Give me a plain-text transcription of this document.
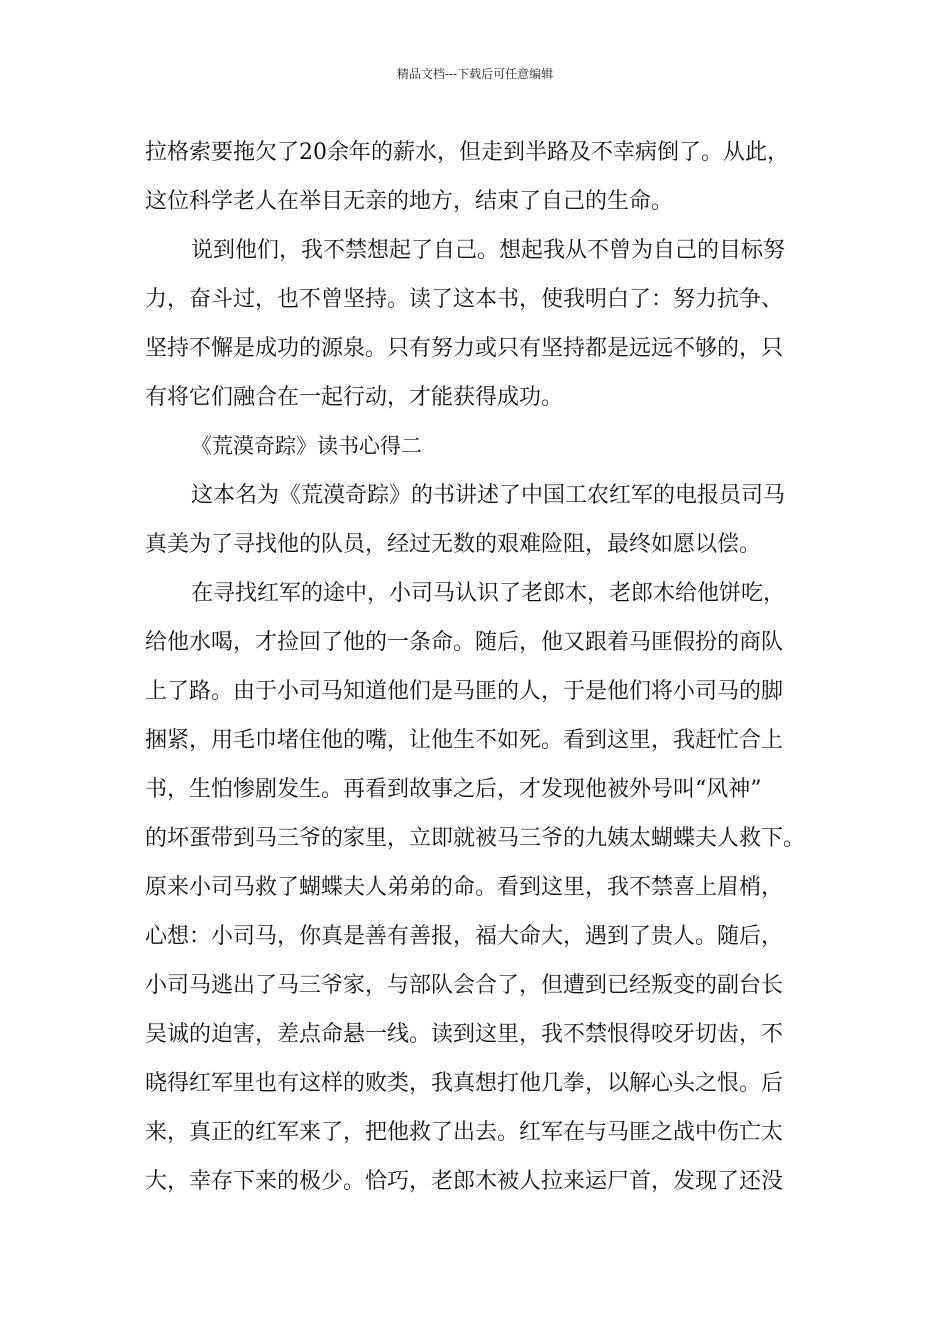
精品文档---下载后可任意编辑
拉格索要拖欠了20余年的薪水，但走到半路及不幸病倒了。从此，
这位科学老人在举目无亲的地方，结束了自己的生命。
说到他们，我不禁想起了自己。想起我从不曾为自己的目标努
力，奋斗过，也不曾坚持。读了这本书，使我明白了：努力抗争、
坚持不懈是成功的源泉。只有努力或只有坚持都是远远不够的，只
有将它们融合在一起行动，才能获得成功。
《荒漠奇踪》读书心得二
这本名为《荒漠奇踪》的书讲述了中国工农红军的电报员司马
真美为了寻找他的队员，经过无数的艰难险阻，最终如愿以偿。
在寻找红军的途中，小司马认识了老郎木，老郎木给他饼吃，
给他水喝，才捡回了他的一条命。随后，他又跟着马匪假扮的商队
上了路。由于小司马知道他们是马匪的人，于是他们将小司马的脚
捆紧，用毛巾堵住他的嘴，让他生不如死。看到这里，我赶忙合上
书，生怕惨剧发生。再看到故事之后，才发现他被外号叫“风神”
的坏蛋带到马三爷的家里，立即就被马三爷的九姨太蝴蝶夫人救下。
原来小司马救了蝴蝶夫人弟弟的命。看到这里，我不禁喜上眉梢，
心想：小司马，你真是善有善报，福大命大，遇到了贵人。随后，
小司马逃出了马三爷家，与部队会合了，但遭到已经叛变的副台长
吴诚的迫害，差点命悬一线。读到这里，我不禁恨得咬牙切齿，不
晓得红军里也有这样的败类，我真想打他几拳，以解心头之恨。后
来，真正的红军来了，把他救了出去。红军在与马匪之战中伤亡太
大，幸存下来的极少。恰巧，老郎木被人拉来运尸首，发现了还没
